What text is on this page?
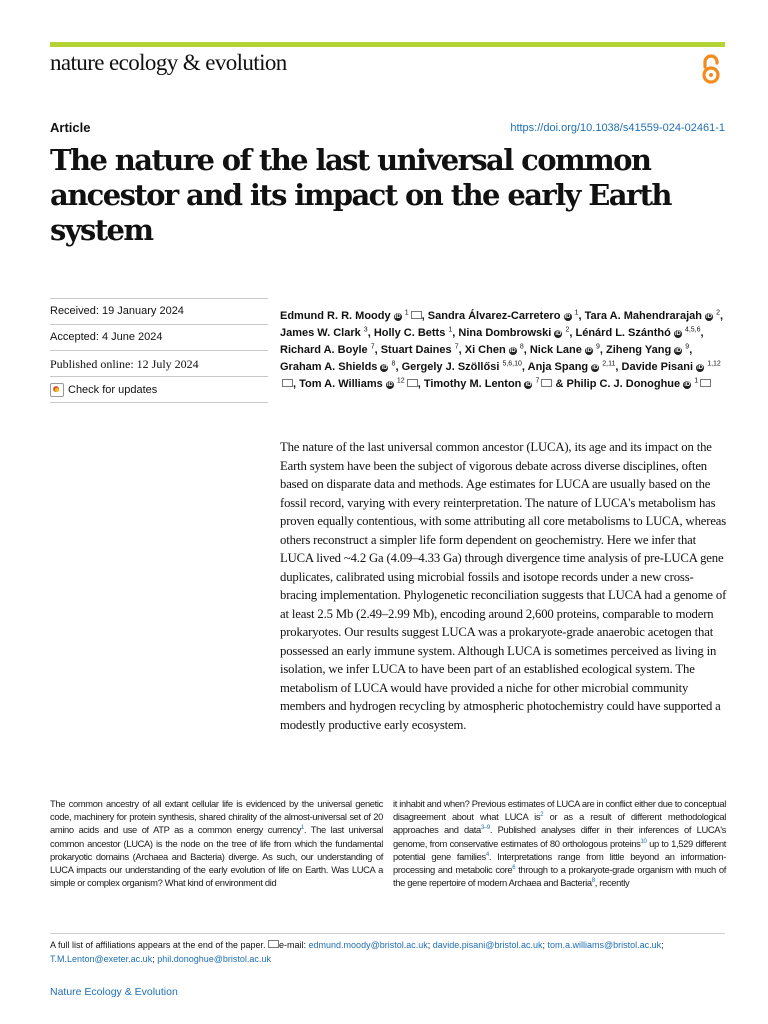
nature ecology & evolution
Article	https://doi.org/10.1038/s41559-024-02461-1
The nature of the last universal common ancestor and its impact on the early Earth system
Received: 19 January 2024
Accepted: 4 June 2024
Published online: 12 July 2024
Check for updates
Edmund R. R. Moody iD $^1$ , Sandra Álvarez-Carretero iD $^1$, Tara A. Mahendrarajah iD $^2$, James W. Clark $^3$, Holly C. Betts $^1$, Nina Dombrowski iD $^2$, Lénárd L. Szánthó iD $^{4,5,6}$, Richard A. Boyle $^7$, Stuart Daines $^7$, Xi Chen iD $^8$, Nick Lane iD $^9$, Ziheng Yang iD $^9$, Graham A. Shields iD $^8$, Gergely J. Szöllősi $^{5,6,10}$, Anja Spang iD $^{2,11}$, Davide Pisani iD $^{1,12}$, Tom A. Williams iD $^{12}$ , Timothy M. Lenton iD $^7$ & Philip C. J. Donoghue iD $^1$

The nature of the last universal common ancestor (LUCA), its age and its impact on the Earth system have been the subject of vigorous debate across diverse disciplines, often based on disparate data and methods. Age estimates for LUCA are usually based on the fossil record, varying with every reinterpretation. The nature of LUCA's metabolism has proven equally contentious, with some attributing all core metabolisms to LUCA, whereas others reconstruct a simpler life form dependent on geochemistry. Here we infer that LUCA lived ~4.2 Ga (4.09–4.33 Ga) through divergence time analysis of pre-LUCA gene duplicates, calibrated using microbial fossils and isotope records under a new cross-bracing implementation. Phylogenetic reconciliation suggests that LUCA had a genome of at least 2.5 Mb (2.49–2.99 Mb), encoding around 2,600 proteins, comparable to modern prokaryotes. Our results suggest LUCA was a prokaryote-grade anaerobic acetogen that possessed an early immune system. Although LUCA is sometimes perceived as living in isolation, we infer LUCA to have been part of an established ecological system. The metabolism of LUCA would have provided a niche for other microbial community members and hydrogen recycling by atmospheric photochemistry could have supported a modestly productive early ecosystem.

The common ancestry of all extant cellular life is evidenced by the universal genetic code, machinery for protein synthesis, shared chirality of the almost-universal set of 20 amino acids and use of ATP as a common energy currency$^1$. The last universal common ancestor (LUCA) is the node on the tree of life from which the fundamental prokaryotic domains (Archaea and Bacteria) diverge. As such, our understanding of LUCA impacts our understanding of the early evolution of life on Earth. Was LUCA a simple or complex organism? What kind of environment did

it inhabit and when? Previous estimates of LUCA are in conflict either due to conceptual disagreement about what LUCA $is^2$ or as a result of different methodological approaches and data$^{3-9}$. Published analyses differ in their inferences of LUCA's genome, from conservative estimates of 80 orthologous proteins$^{10}$ up to 1,529 different potential gene families$^4$. Interpretations range from little beyond an information-processing and metabolic core$^6$ through to a prokaryote-grade organism with much of the gene repertoire of modern Archaea and Bacteria$^8$, recently

A full list of affiliations appears at the end of the paper. e-mail: edmund.moody@bristol.ac.uk; davide.pisani@bristol.ac.uk; tom.a.williams@bristol.ac.uk; T.M.Lenton@exeter.ac.uk; phil.donoghue@bristol.ac.uk

Nature Ecology & Evolution
